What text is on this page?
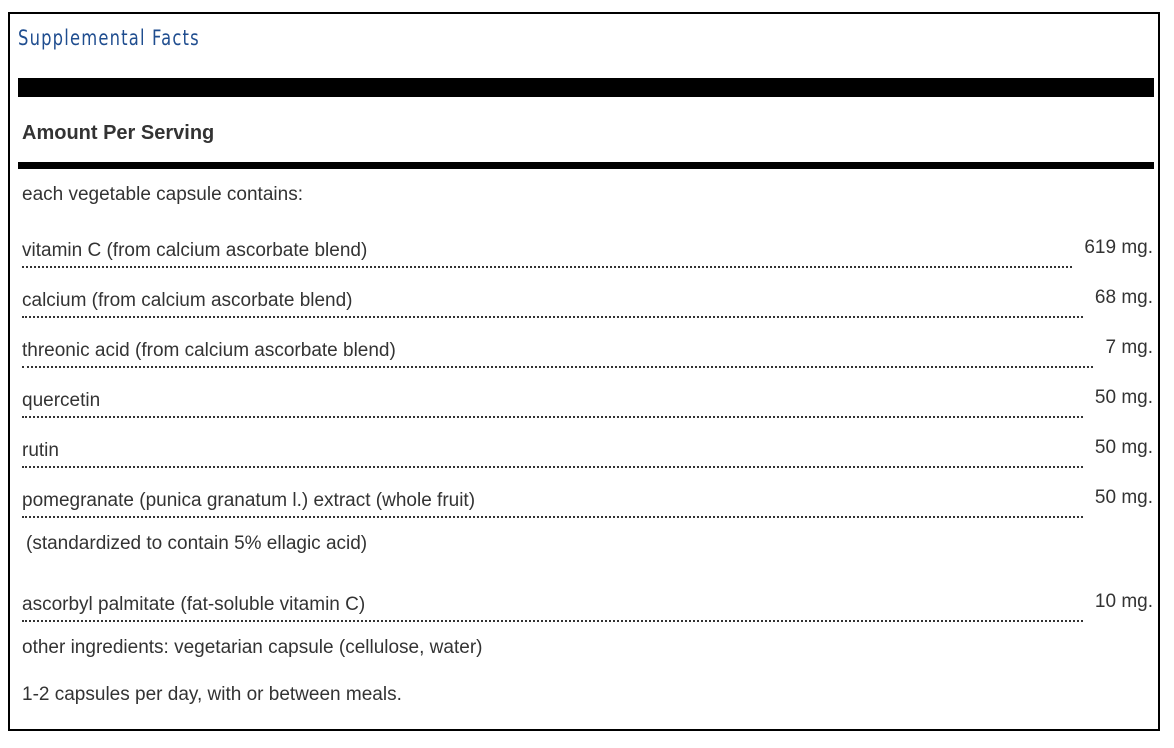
Supplemental Facts
Amount Per Serving
each vegetable capsule contains:
vitamin C (from calcium ascorbate blend)	619 mg.
calcium (from calcium ascorbate blend)	68 mg.
threonic acid (from calcium ascorbate blend)	7 mg.
quercetin	50 mg.
rutin	50 mg.
pomegranate (punica granatum l.) extract (whole fruit)	50 mg.
(standardized to contain 5% ellagic acid)
ascorbyl palmitate (fat-soluble vitamin C)	10 mg.
other ingredients: vegetarian capsule (cellulose, water)
1-2 capsules per day, with or between meals.
